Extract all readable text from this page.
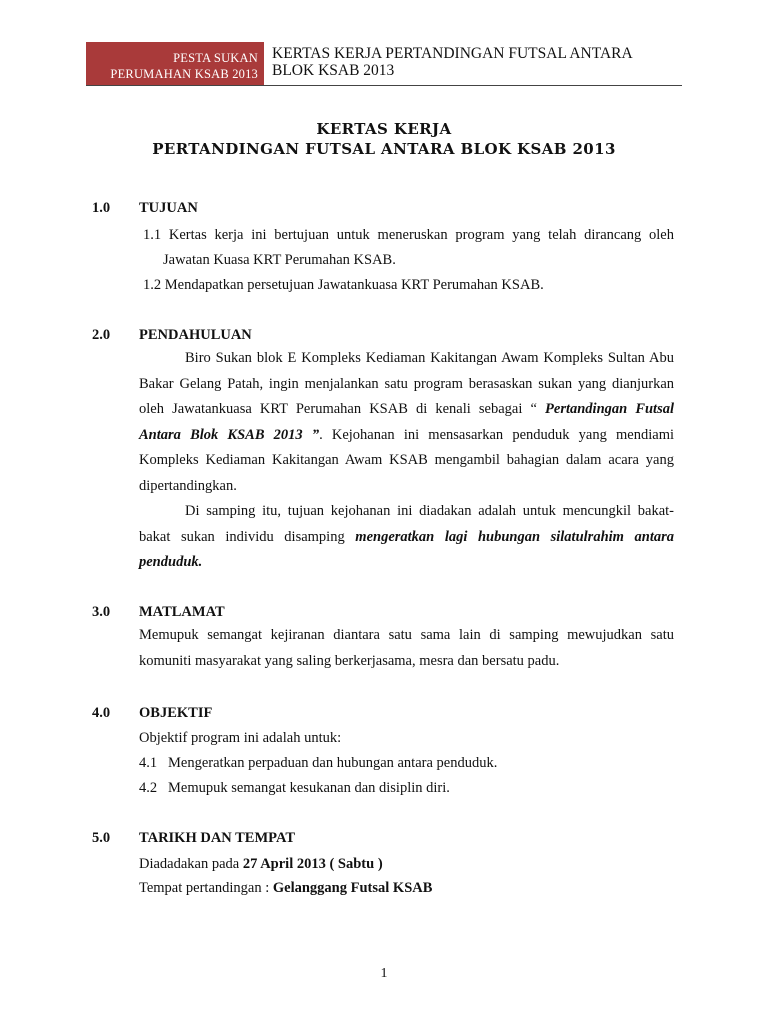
PESTA SUKAN
PERUMAHAN KSAB 2013
KERTAS KERJA PERTANDINGAN FUTSAL ANTARA
BLOK KSAB 2013
KERTAS KERJA
PERTANDINGAN FUTSAL ANTARA BLOK KSAB 2013
1.0 TUJUAN
1.1 Kertas kerja ini bertujuan untuk meneruskan program yang telah dirancang oleh
Jawatan Kuasa KRT Perumahan KSAB.
1.2 Mendapatkan persetujuan Jawatankuasa KRT Perumahan KSAB.
2.0 PENDAHULUAN
Biro Sukan blok E Kompleks Kediaman Kakitangan Awam Kompleks Sultan Abu Bakar Gelang Patah, ingin menjalankan satu program berasaskan sukan yang dianjurkan oleh Jawatankuasa KRT Perumahan KSAB di kenali sebagai “ Pertandingan Futsal Antara Blok KSAB 2013 ”. Kejohanan ini mensasarkan penduduk yang mendiami Kompleks Kediaman Kakitangan Awam KSAB mengambil bahagian dalam acara yang dipertandingkan.
Di samping itu, tujuan kejohanan ini diadakan adalah untuk mencungkil bakat-bakat sukan individu disamping mengeratkan lagi hubungan silatulrahim antara penduduk.
3.0 MATLAMAT
Memupuk semangat kejiranan diantara satu sama lain di samping mewujudkan satu komuniti masyarakat yang saling berkerjasama, mesra dan bersatu padu.
4.0 OBJEKTIF
Objektif program ini adalah untuk:
4.1   Mengeratkan perpaduan dan hubungan antara penduduk.
4.2   Memupuk semangat kesukanan dan disiplin diri.
5.0 TARIKH DAN TEMPAT
Diadadakan pada 27 April 2013 ( Sabtu )
Tempat pertandingan : Gelanggang Futsal KSAB
1
